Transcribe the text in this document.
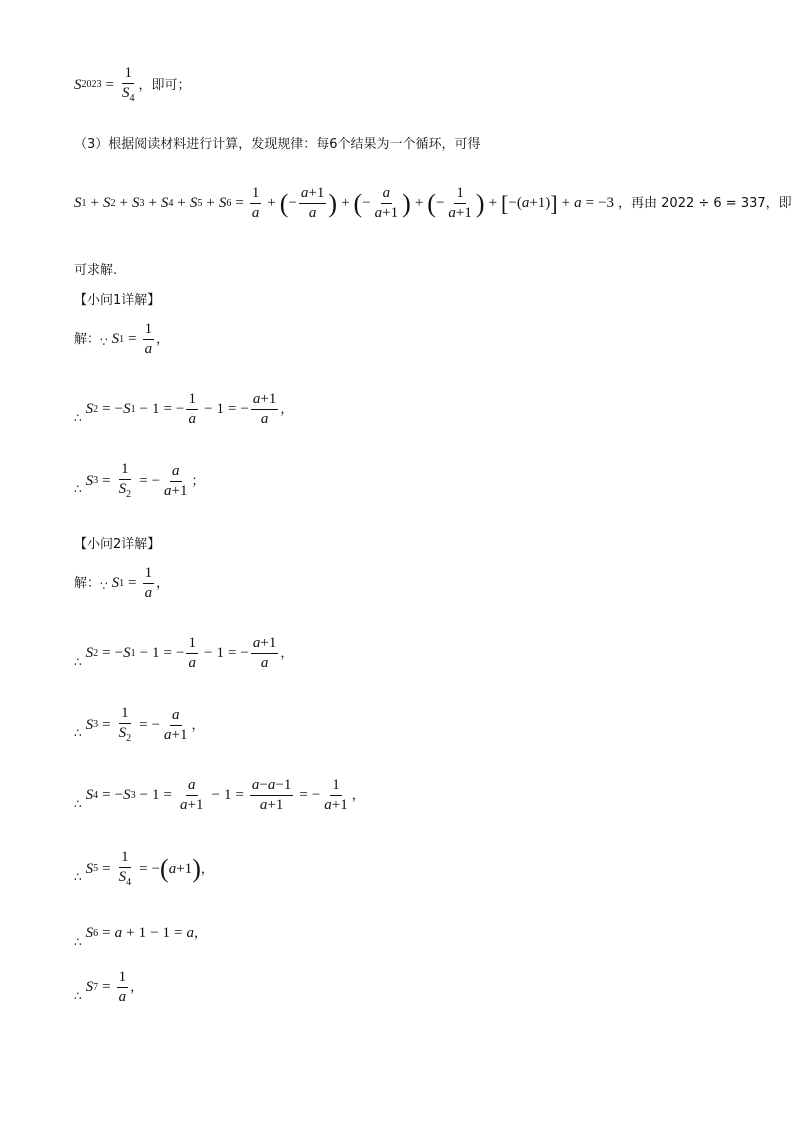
S $2023 = \frac{1}{S_4}$ ，即可；
（3）根据阅读材料进行计算，发现规律：每6个结果为一个循环，可得
S 1 + S 2 + S 3 + S 4 + S 5 + S $6 = \frac{1}{a}$ + ( − $\frac{a+1}{a}$ ) + ( − $\frac{a}{a+1}$ ) + ( − $\frac{1}{a+1}$ ) + [ −(a+1) ] + a = −3 ，再由 2022 ÷ 6 = 337，即
可求解.
【小问1详解】
解： ∵ S $1 = \frac{1}{a}$ ，
∴
S 2 = − S 1 − 1 = − $\frac{1}{a} - 1$ = − $\frac{a+1}{a}$ ，
∴
S $3 = \frac{1}{S_2}$ = − $\frac{a}{a+1}$ ；
【小问2详解】
解： ∵ S $1 = \frac{1}{a}$ ，
∴
S 2 = − S 1 − 1 = − $\frac{1}{a} - 1$ = − $\frac{a+1}{a}$ ，
∴
S $3 = \frac{1}{S_2}$ = − $\frac{a}{a+1}$ ，
∴
S 4 = − S $3 - 1 = \frac{a}{a+1} - 1 = \frac{a-a-1}{a+1}$ = − $\frac{1}{a+1}$ ，
∴
S $5 = \frac{1}{S_4}$ = − ( a +1 ) ，
∴
S 6 = a + 1 − 1 = a ，
∴
S $7 = \frac{1}{a}$ ，
